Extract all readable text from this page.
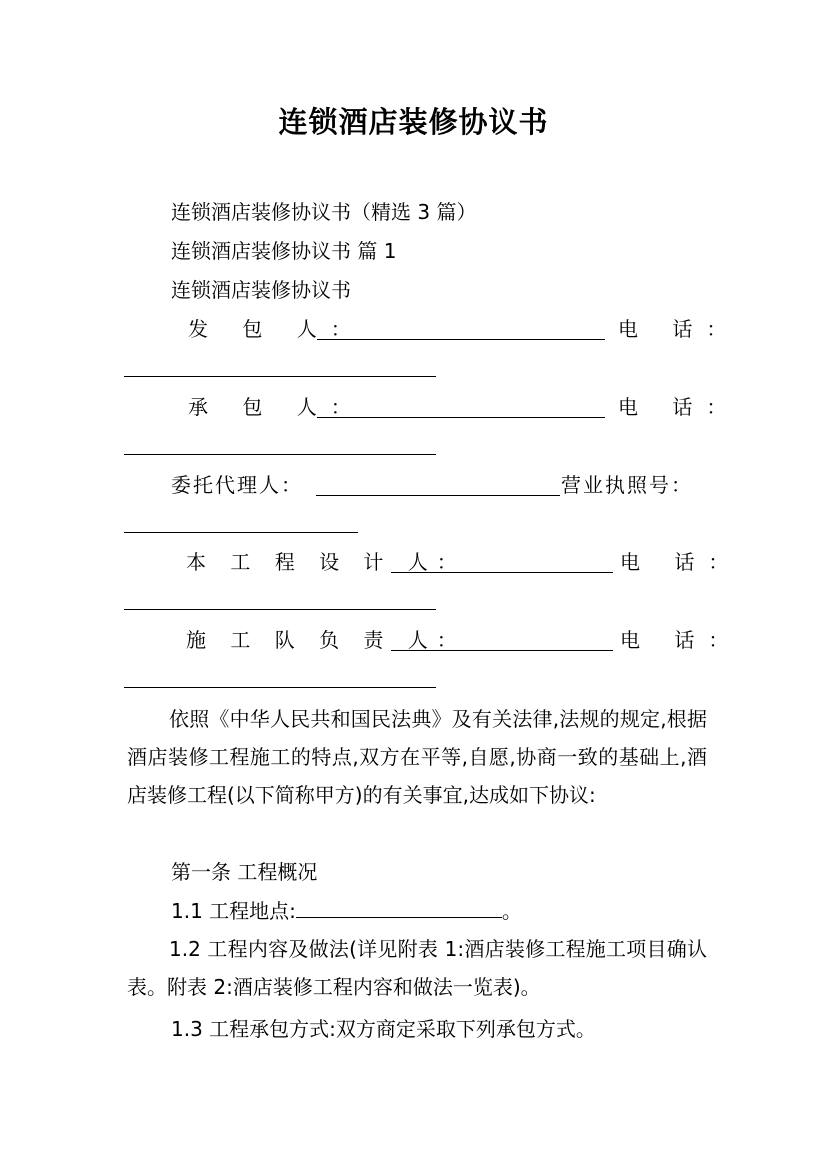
连锁酒店装修协议书
连锁酒店装修协议书（精选 3 篇）
连锁酒店装修协议书 篇 1
连锁酒店装修协议书
发 包 人：	电 话：
承 包 人：	电 话：
委托代理人：	营业执照号：
本 工 程 设 计 人：	电 话：
施 工 队 负 责 人：	电 话：
依照《中华人民共和国民法典》及有关法律,法规的规定,根据酒店装修工程施工的特点,双方在平等,自愿,协商一致的基础上,酒店装修工程(以下简称甲方)的有关事宜,达成如下协议:
第一条 工程概况
1.1 工程地点:	。
1.2 工程内容及做法(详见附表 1:酒店装修工程施工项目确认表。附表 2:酒店装修工程内容和做法一览表)。
1.3 工程承包方式:双方商定采取下列承包方式。
